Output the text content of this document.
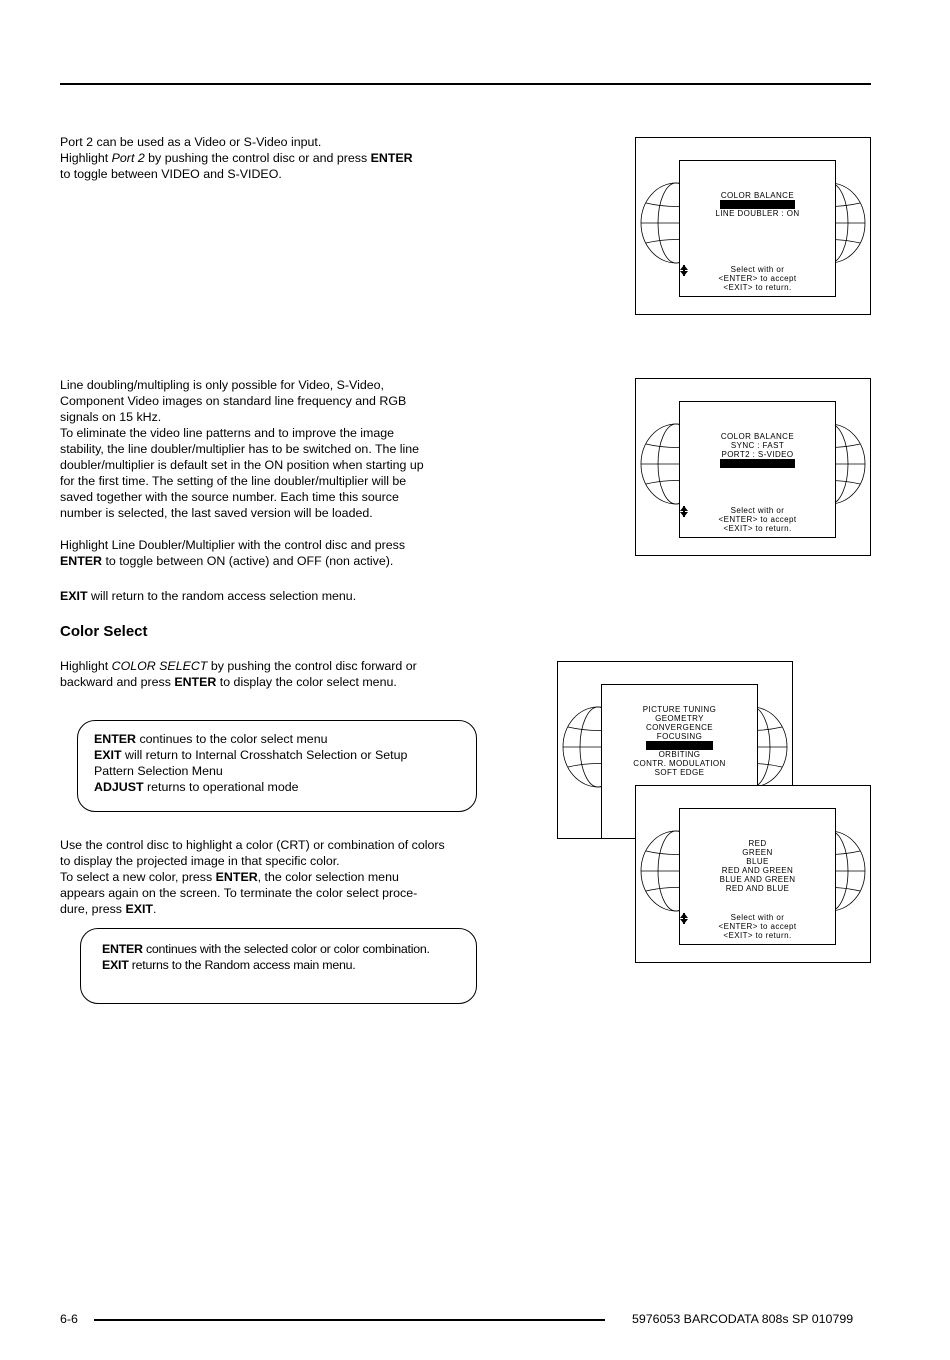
Port 2 can be used as a Video or S-Video input.
Highlight Port 2 by pushing the control disc or and press ENTER
to toggle between VIDEO and S-VIDEO.
Line doubling/multipling is only possible for Video, S-Video,
Component Video images on standard line frequency and RGB
signals on 15 kHz.
To eliminate the video line patterns and to improve the image
stability, the line doubler/multiplier has to be switched on. The line
doubler/multiplier is default set in the ON position when starting up
for the first time. The setting of the line doubler/multiplier will be
saved together with the source number. Each time this source
number is selected, the last saved version will be loaded.
Highlight Line Doubler/Multiplier with the control disc and press
ENTER to toggle between ON (active) and OFF (non active).
EXIT will return to the random access selection menu.
Color Select
Highlight COLOR SELECT by pushing the control disc forward or
backward and press ENTER to display the color select menu.
ENTER continues to the color select menu
EXIT will return to Internal Crosshatch Selection or Setup
Pattern Selection Menu
ADJUST returns to operational mode
Use the control disc to highlight a color (CRT) or combination of colors
to display the projected image in that specific color.
To select a new color, press ENTER, the color selection menu
appears again on the screen. To terminate the color select proce-
dure, press EXIT.
ENTER continues with the selected color or color combination.
EXIT returns to the Random access main menu.
COLOR BALANCE
LINE DOUBLER : ON
Select with
or
<ENTER> to accept
<EXIT> to return.
COLOR BALANCE
SYNC : FAST
PORT2 : S-VIDEO
Select with
or
<ENTER> to accept
<EXIT> to return.
PICTURE TUNING
GEOMETRY
CONVERGENCE
FOCUSING
ORBITING
CONTR. MODULATION
SOFT EDGE
RED
GREEN
BLUE
RED AND GREEN
BLUE AND GREEN
RED AND BLUE
Select with
or
<ENTER> to accept
<EXIT> to return.
6-6	5976053 BARCODATA 808s SP 010799
